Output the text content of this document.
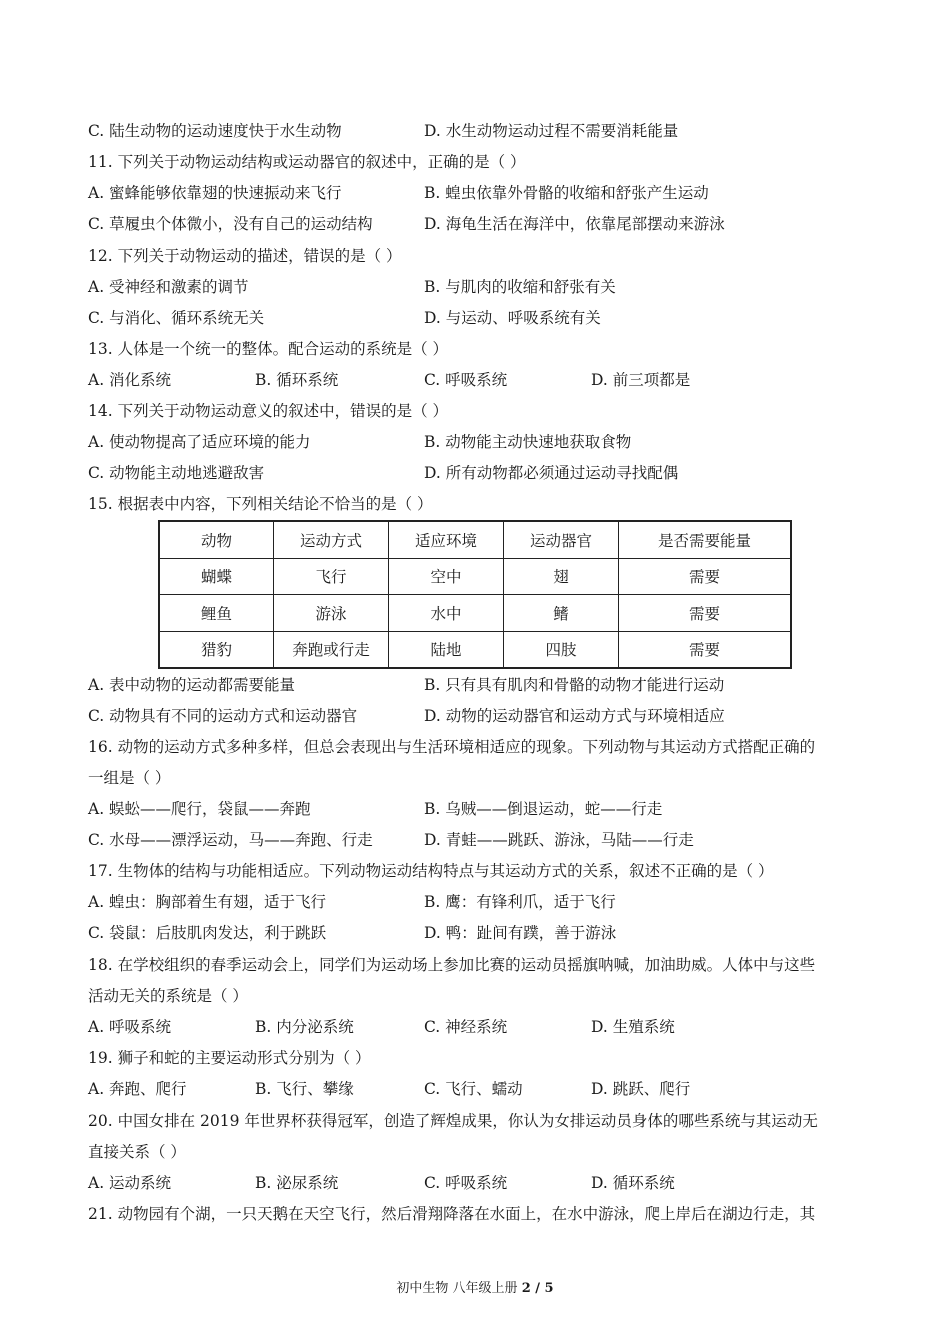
C. 陆生动物的运动速度快于水生动物	D. 水生动物运动过程不需要消耗能量
11. 下列关于动物运动结构或运动器官的叙述中，正确的是（ ）
A. 蜜蜂能够依靠翅的快速振动来飞行	B. 蝗虫依靠外骨骼的收缩和舒张产生运动
C. 草履虫个体微小，没有自己的运动结构	D. 海龟生活在海洋中，依靠尾部摆动来游泳
12. 下列关于动物运动的描述，错误的是（ ）
A. 受神经和激素的调节	B. 与肌肉的收缩和舒张有关
C. 与消化、循环系统无关	D. 与运动、呼吸系统有关
13. 人体是一个统一的整体。配合运动的系统是（ ）
A. 消化系统	B. 循环系统	C. 呼吸系统	D. 前三项都是
14. 下列关于动物运动意义的叙述中，错误的是（ ）
A. 使动物提高了适应环境的能力	B. 动物能主动快速地获取食物
C. 动物能主动地逃避敌害	D. 所有动物都必须通过运动寻找配偶
15. 根据表中内容，下列相关结论不恰当的是（ ）
动物	运动方式	适应环境	运动器官	是否需要能量
蝴蝶	飞行	空中	翅	需要
鲤鱼	游泳	水中	鳍	需要
猎豹	奔跑或行走	陆地	四肢	需要
A. 表中动物的运动都需要能量	B. 只有具有肌肉和骨骼的动物才能进行运动
C. 动物具有不同的运动方式和运动器官	D. 动物的运动器官和运动方式与环境相适应
16. 动物的运动方式多种多样，但总会表现出与生活环境相适应的现象。下列动物与其运动方式搭配正确的
一组是（ ）
A. 蜈蚣——爬行，袋鼠——奔跑	B. 乌贼——倒退运动，蛇——行走
C. 水母——漂浮运动，马——奔跑、行走	D. 青蛙——跳跃、游泳，马陆——行走
17. 生物体的结构与功能相适应。下列动物运动结构特点与其运动方式的关系，叙述不正确的是（ ）
A. 蝗虫：胸部着生有翅，适于飞行	B. 鹰：有锋利爪，适于飞行
C. 袋鼠：后肢肌肉发达，利于跳跃	D. 鸭：趾间有蹼，善于游泳
18. 在学校组织的春季运动会上，同学们为运动场上参加比赛的运动员摇旗呐喊，加油助威。人体中与这些
活动无关的系统是（ ）
A. 呼吸系统	B. 内分泌系统	C. 神经系统	D. 生殖系统
19. 狮子和蛇的主要运动形式分别为（ ）
A. 奔跑、爬行	B. 飞行、攀缘	C. 飞行、蠕动	D. 跳跃、爬行
20. 中国女排在 2019 年世界杯获得冠军，创造了辉煌成果，你认为女排运动员身体的哪些系统与其运动无
直接关系（ ）
A. 运动系统	B. 泌尿系统	C. 呼吸系统	D. 循环系统
21. 动物园有个湖，一只天鹅在天空飞行，然后滑翔降落在水面上，在水中游泳，爬上岸后在湖边行走，其
初中生物 八年级上册 2 / 5
